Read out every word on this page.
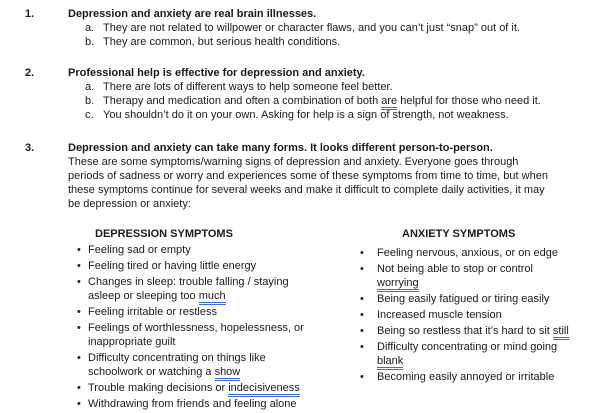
1.	Depression and anxiety are real brain illnesses.
a. They are not related to willpower or character flaws, and you can’t just “snap” out of it.
b. They are common, but serious health conditions.
2.	Professional help is effective for depression and anxiety.
a. There are lots of different ways to help someone feel better.
b. Therapy and medication and often a combination of both are helpful for those who need it.
c. You shouldn’t do it on your own. Asking for help is a sign of strength, not weakness.
3.	Depression and anxiety can take many forms. It looks different person-to-person.
These are some symptoms/warning signs of depression and anxiety. Everyone goes through
periods of sadness or worry and experiences some of these symptoms from time to time, but when
these symptoms continue for several weeks and make it difficult to complete daily activities, it may
be depression or anxiety:
DEPRESSION SYMPTOMS	ANXIETY SYMPTOMS
• Feeling sad or empty
• Feeling tired or having little energy
• Changes in sleep: trouble falling / staying asleep or sleeping too much
• Feeling irritable or restless
• Feelings of worthlessness, hopelessness, or inappropriate guilt
• Difficulty concentrating on things like schoolwork or watching a show
• Trouble making decisions or indecisiveness
• Withdrawing from friends and feeling alone
• Feeling nervous, anxious, or on edge
• Not being able to stop or control worrying
• Being easily fatigued or tiring easily
• Increased muscle tension
• Being so restless that it’s hard to sit still
• Difficulty concentrating or mind going blank
• Becoming easily annoyed or irritable
